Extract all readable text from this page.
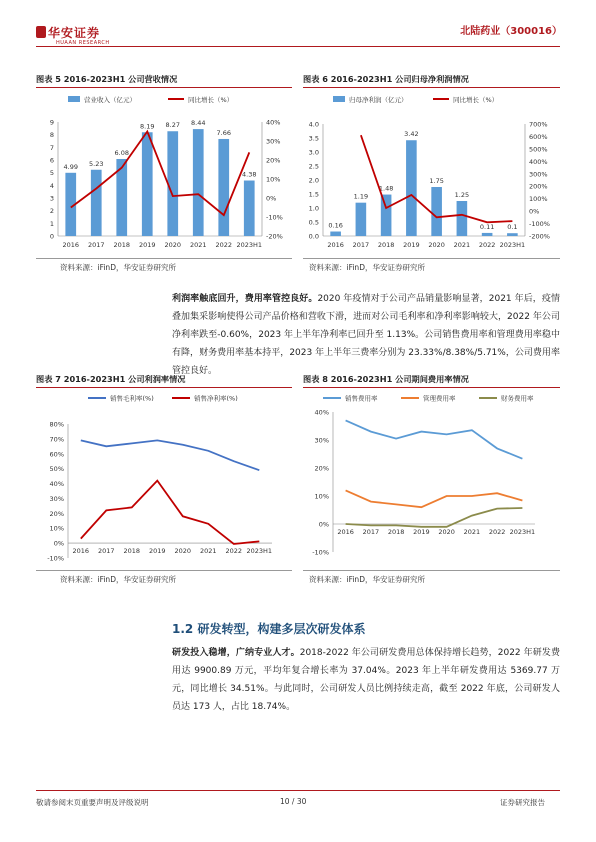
华安证券
HUAAN RESEARCH
北陆药业（300016）
图表 5 2016-2023H1 公司营收情况	图表 6 2016-2023H1 公司归母净利润情况
0
1
2
3
4
5
6
7
8
9
-20%
-10%
0%
10%
20%
30%
40%
4.99 5.23
6.08
8.19 8.27 8.44
7.66
4.38
2016 2017 2018 2019 2020 2021 2022 2023H1
营业收入（亿元）	同比增长（%）
0.0
0.5
1.0
1.5
2.0
2.5
3.0
3.5
4.0
-200%
-100%
0%
100%
200%
300%
400%
500%
600%
700%
0.16
1.19
1.48
3.42
1.75
1.25
0.11 0.1
2016 2017 2018 2019 2020 2021 2022 2023H1
归母净利润（亿元）	同比增长（%）
资料来源：iFinD，华安证券研究所	资料来源：iFinD，华安证券研究所
利润率触底回升，费用率管控良好。2020 年疫情对于公司产品销量影响显著，2021 年后，疫情叠加集采影响使得公司产品价格和营收下滑，进而对公司毛利率和净利率影响较大，2022 年公司净利率跌至-0.60%，2023 年上半年净利率已回升至 1.13%。公司销售费用率和管理费用率稳中有降，财务费用率基本持平，2023 年上半年三费率分别为 23.33%/8.38%/5.71%，公司费用率管控良好。
图表 7 2016-2023H1 公司利润率情况	图表 8 2016-2023H1 公司期间费用率情况
-10%
0%
10%
20%
30%
40%
50%
60%
70%
80%
2016 2017 2018 2019 2020 2021 2022 2023H1
销售毛利率(%)	销售净利率(%)
-10%
0%
10%
20%
30%
40%
2016 2017 2018 2019 2020 2021 2022 2023H1
销售费用率	管理费用率	财务费用率
资料来源：iFinD，华安证券研究所	资料来源：iFinD，华安证券研究所
1.2 研发转型，构建多层次研发体系
研发投入稳增，广纳专业人才。2018-2022 年公司研发费用总体保持增长趋势，2022 年研发费用达 9900.89 万元，平均年复合增长率为 37.04%。2023 年上半年研发费用达 5369.77 万元，同比增长 34.51%。与此同时，公司研发人员比例持续走高，截至 2022 年底，公司研发人员达 173 人，占比 18.74%。
敬请参阅末页重要声明及评级说明	10 / 30	证券研究报告
